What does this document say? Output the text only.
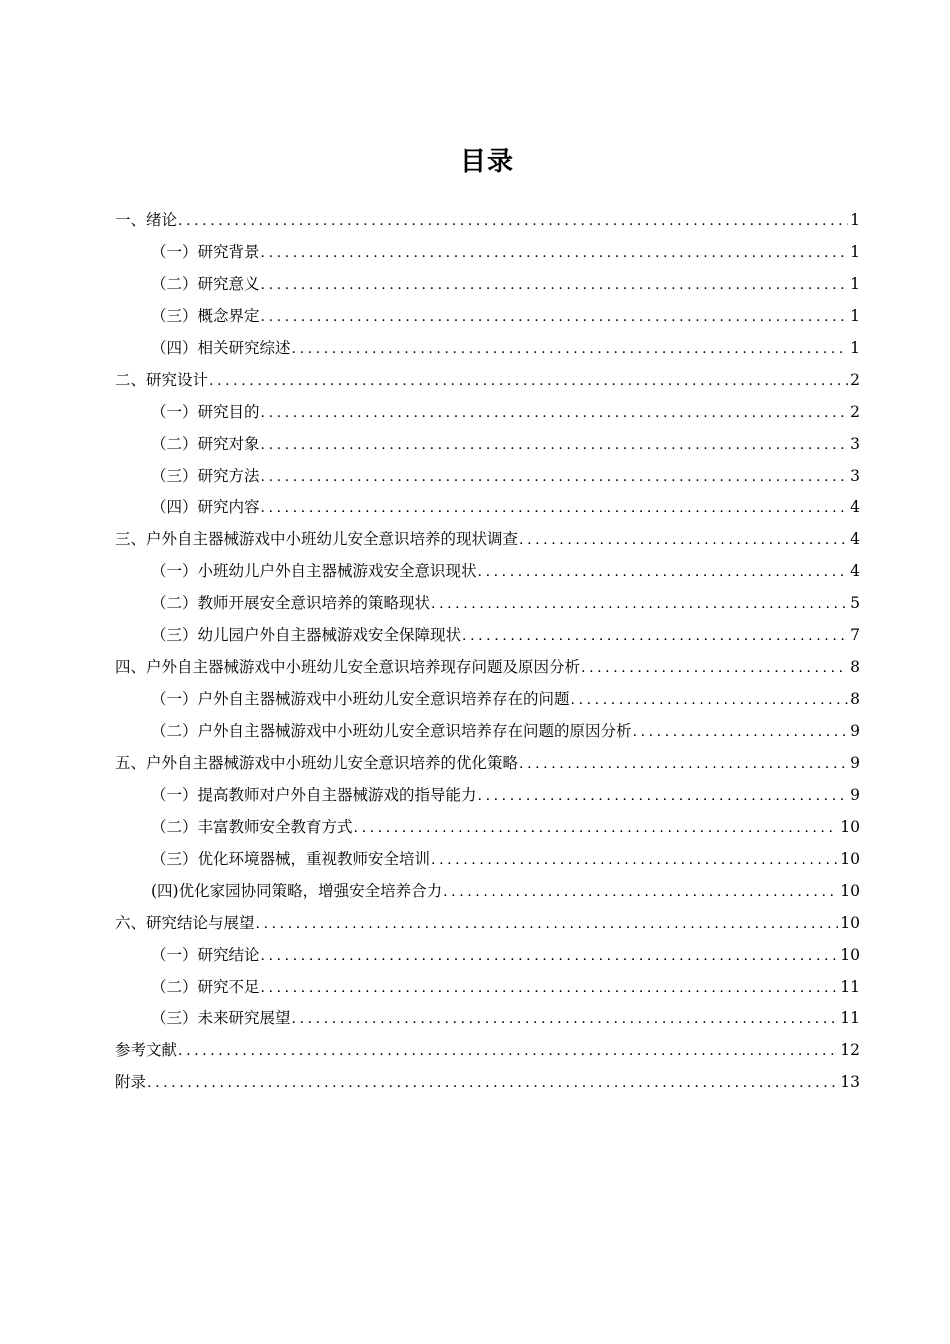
目录
一、绪论 .....	1
（一）研究背景 .....	1
（二）研究意义 .....	1
（三）概念界定 .....	1
（四）相关研究综述 .....	1
二、研究设计 .....	2
（一）研究目的 .....	2
（二）研究对象 .....	3
（三）研究方法 .....	3
（四）研究内容 .....	4
三、户外自主器械游戏中小班幼儿安全意识培养的现状调查 .....	4
（一）小班幼儿户外自主器械游戏安全意识现状 .....	4
（二）教师开展安全意识培养的策略现状 .....	5
（三）幼儿园户外自主器械游戏安全保障现状 .....	7
四、户外自主器械游戏中小班幼儿安全意识培养现存问题及原因分析 .....	8
（一）户外自主器械游戏中小班幼儿安全意识培养存在的问题 .....	8
（二）户外自主器械游戏中小班幼儿安全意识培养存在问题的原因分析 .....	9
五、户外自主器械游戏中小班幼儿安全意识培养的优化策略 .....	9
（一）提高教师对户外自主器械游戏的指导能力 .....	9
（二）丰富教师安全教育方式 .....	10
（三）优化环境器械，重视教师安全培训 .....	10
(四)优化家园协同策略，增强安全培养合力 .....	10
六、研究结论与展望 .....	10
（一）研究结论 .....	10
（二）研究不足 .....	11
（三）未来研究展望 .....	11
参考文献 .....	12
附录 .....	13
